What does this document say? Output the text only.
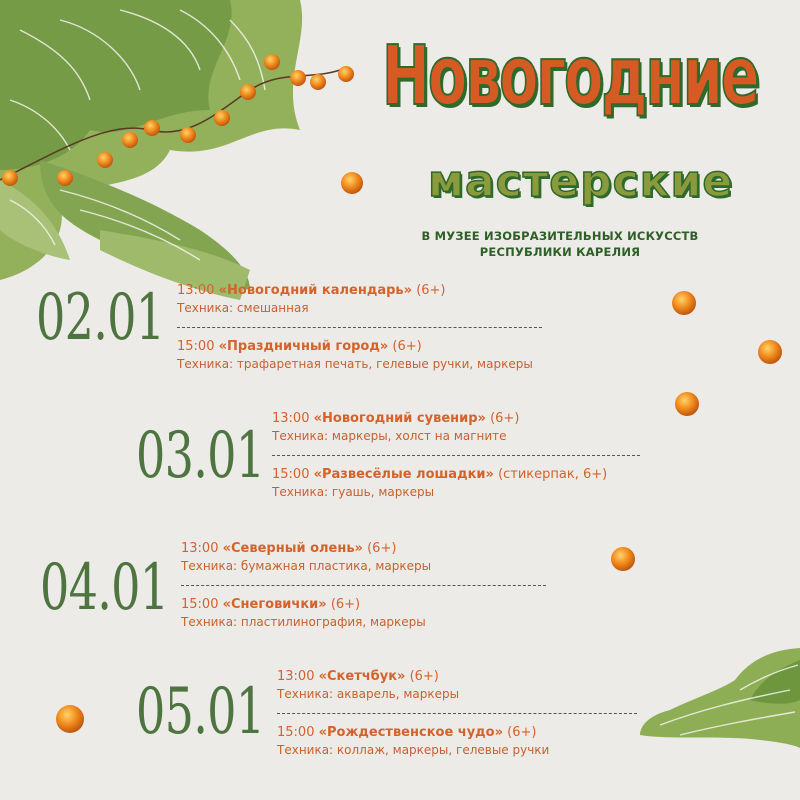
Новогодние
мастерские
В МУЗЕЕ ИЗОБРАЗИТЕЛЬНЫХ ИСКУССТВ
РЕСПУБЛИКИ КАРЕЛИЯ
02.01 13:00 «Новогодний календарь» (6+)
Техника: смешанная
15:00 «Праздничный город» (6+)
Техника: трафаретная печать, гелевые ручки, маркеры
03.01
13:00 «Новогодний сувенир» (6+)
Техника: маркеры, холст на магните
15:00 «Развесёлые лошадки» (стикерпак, 6+)
Техника: гуашь, маркеры
04.01
13:00 «Северный олень» (6+)
Техника: бумажная пластика, маркеры
15:00 «Снеговички» (6+)
Техника: пластилинография, маркеры
05.01 13:00 «Скетчбук» (6+)
Техника: акварель, маркеры
15:00 «Рождественское чудо» (6+)
Техника: коллаж, маркеры, гелевые ручки
